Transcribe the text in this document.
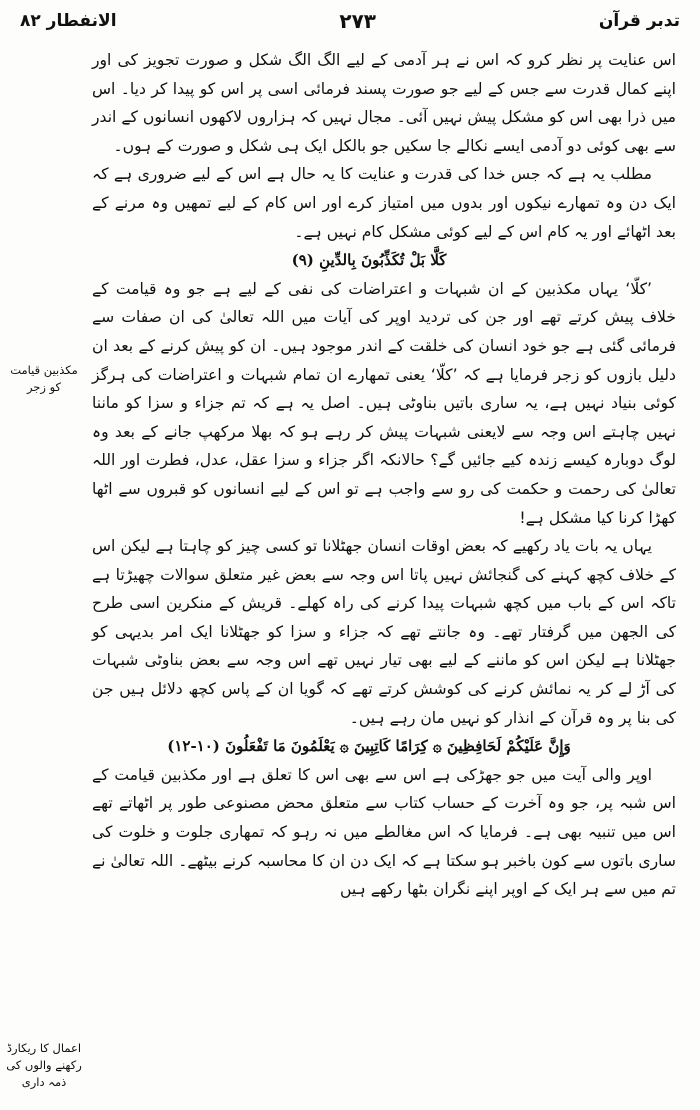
تدبر قرآن
۲۷۳
الانفطار ۸۲
مکذبین قیامت کو زجر
اعمال کا ریکارڈ رکھنے والوں کی ذمہ داری

اس عنایت پر نظر کرو کہ اس نے ہر آدمی کے لیے الگ الگ شکل و صورت تجویز کی اور اپنے کمال قدرت سے جس کے لیے جو صورت پسند فرمائی اسی پر اس کو پیدا کر دیا۔ اس میں ذرا بھی اس کو مشکل پیش نہیں آئی۔ مجال نہیں کہ ہزاروں لاکھوں انسانوں کے اندر سے بھی کوئی دو آدمی ایسے نکالے جا سکیں جو بالکل ایک ہی شکل و صورت کے ہوں۔

مطلب یہ ہے کہ جس خدا کی قدرت و عنایت کا یہ حال ہے اس کے لیے ضروری ہے کہ ایک دن وہ تمھارے نیکوں اور بدوں میں امتیاز کرے اور اس کام کے لیے تمھیں وہ مرنے کے بعد اٹھائے اور یہ کام اس کے لیے کوئی مشکل کام نہیں ہے۔

كَلَّا بَلْ تُكَذِّبُونَ بِالدِّينِ (۹)

’کلّا‘ یہاں مکذبین کے ان شبہات و اعتراضات کی نفی کے لیے ہے جو وہ قیامت کے خلاف پیش کرتے تھے اور جن کی تردید اوپر کی آیات میں اللہ تعالیٰ کی ان صفات سے فرمائی گئی ہے جو خود انسان کی خلقت کے اندر موجود ہیں۔ ان کو پیش کرنے کے بعد ان دلیل بازوں کو زجر فرمایا ہے کہ ’کلّا‘ یعنی تمھارے ان تمام شبہات و اعتراضات کی ہرگز کوئی بنیاد نہیں ہے، یہ ساری باتیں بناوٹی ہیں۔ اصل یہ ہے کہ تم جزاء و سزا کو ماننا نہیں چاہتے اس وجہ سے لایعنی شبہات پیش کر رہے ہو کہ بھلا مرکھپ جانے کے بعد وہ لوگ دوبارہ کیسے زندہ کیے جائیں گے؟ حالانکہ اگر جزاء و سزا عقل، عدل، فطرت اور اللہ تعالیٰ کی رحمت و حکمت کی رو سے واجب ہے تو اس کے لیے انسانوں کو قبروں سے اٹھا کھڑا کرنا کیا مشکل ہے!

یہاں یہ بات یاد رکھیے کہ بعض اوقات انسان جھٹلانا تو کسی چیز کو چاہتا ہے لیکن اس کے خلاف کچھ کہنے کی گنجائش نہیں پاتا اس وجہ سے بعض غیر متعلق سوالات چھیڑتا ہے تاکہ اس کے باب میں کچھ شبہات پیدا کرنے کی راہ کھلے۔ قریش کے منکرین اسی طرح کی الجھن میں گرفتار تھے۔ وہ جانتے تھے کہ جزاء و سزا کو جھٹلانا ایک امر بدیہی کو جھٹلانا ہے لیکن اس کو ماننے کے لیے بھی تیار نہیں تھے اس وجہ سے بعض بناوٹی شبہات کی آڑ لے کر یہ نمائش کرنے کی کوشش کرتے تھے کہ گویا ان کے پاس کچھ دلائل ہیں جن کی بنا پر وہ قرآن کے انذار کو نہیں مان رہے ہیں۔

وَإِنَّ عَلَيْكُمْ لَحَافِظِينَ ۞ كِرَامًا كَاتِبِينَ ۞ يَعْلَمُونَ مَا تَفْعَلُونَ (۱۰-۱۲)

اوپر والی آیت میں جو جھڑکی ہے اس سے بھی اس کا تعلق ہے اور مکذبین قیامت کے اس شبہ پر، جو وہ آخرت کے حساب کتاب سے متعلق محض مصنوعی طور پر اٹھاتے تھے اس میں تنبیہ بھی ہے۔ فرمایا کہ اس مغالطے میں نہ رہو کہ تمھاری جلوت و خلوت کی ساری باتوں سے کون باخبر ہو سکتا ہے کہ ایک دن ان کا محاسبہ کرنے بیٹھے۔ اللہ تعالیٰ نے تم میں سے ہر ایک کے اوپر اپنے نگران بٹھا رکھے ہیں
